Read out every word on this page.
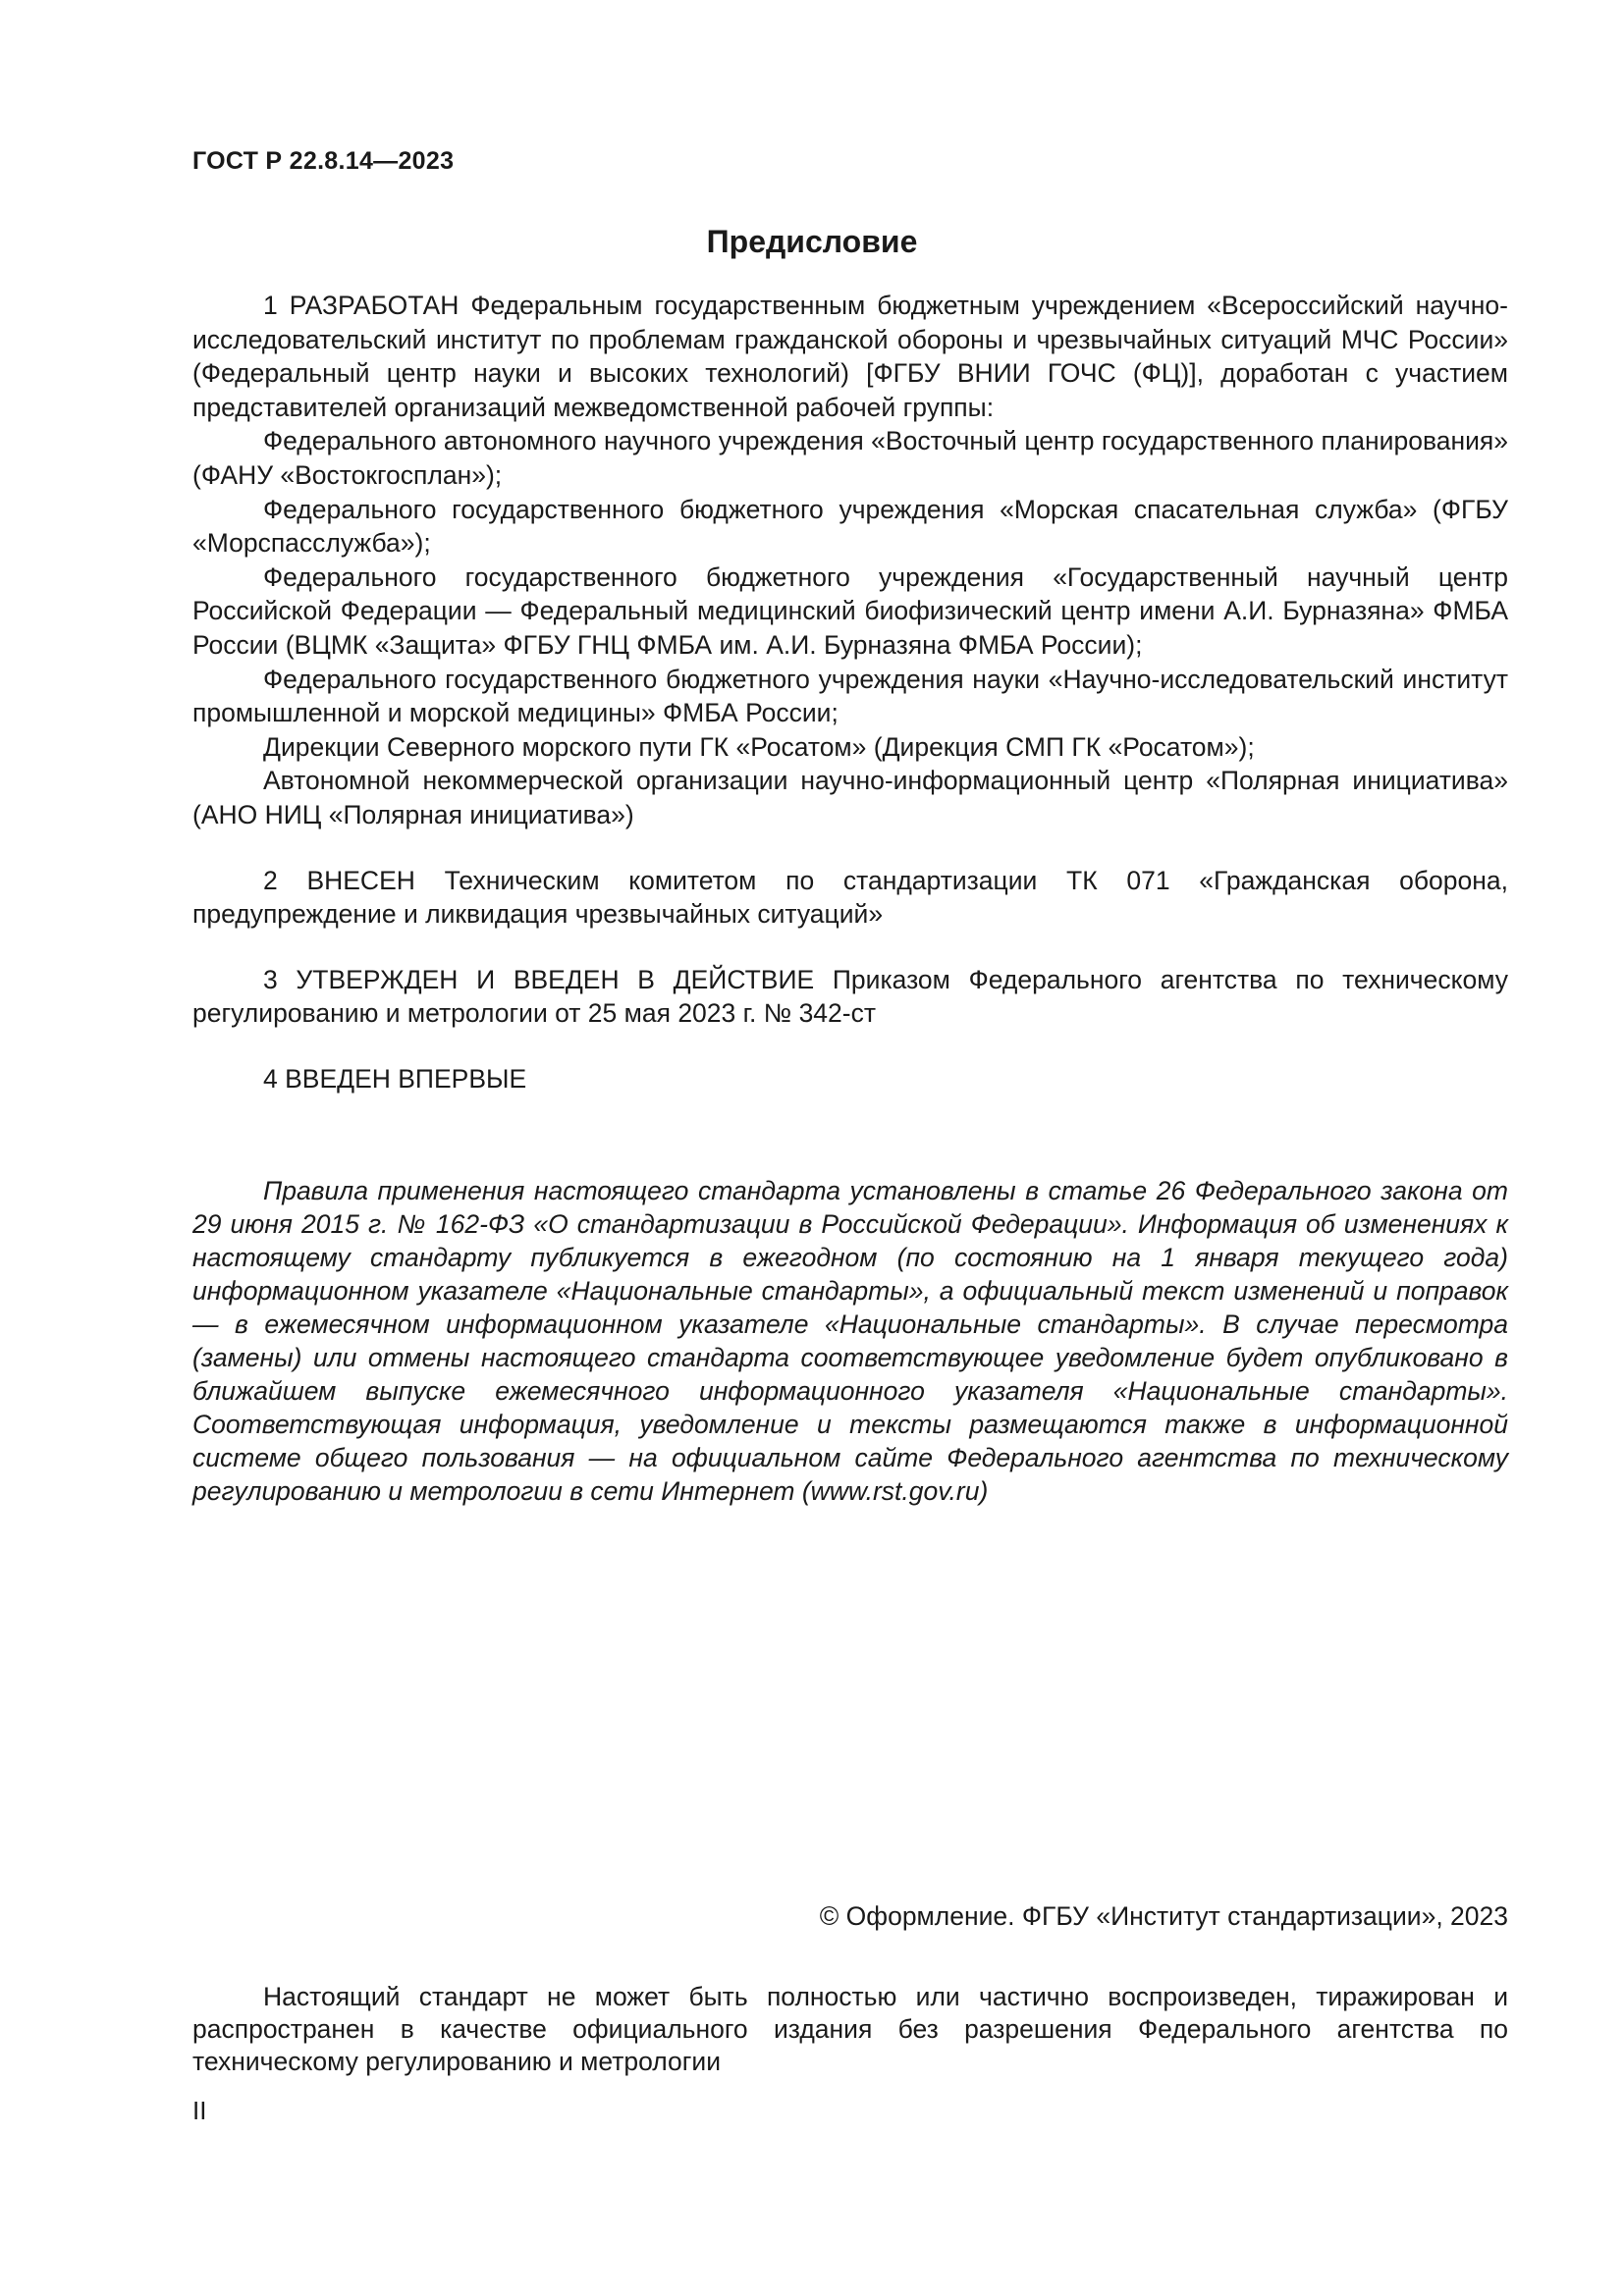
ГОСТ Р 22.8.14—2023
Предисловие

1 РАЗРАБОТАН Федеральным государственным бюджетным учреждением «Всероссийский научно-исследовательский институт по проблемам гражданской обороны и чрезвычайных ситуаций МЧС России» (Федеральный центр науки и высоких технологий) [ФГБУ ВНИИ ГОЧС (ФЦ)], доработан с участием представителей организаций межведомственной рабочей группы:

Федерального автономного научного учреждения «Восточный центр государственного планирования» (ФАНУ «Востокгосплан»);

Федерального государственного бюджетного учреждения «Морская спасательная служба» (ФГБУ «Морспасслужба»);

Федерального государственного бюджетного учреждения «Государственный научный центр Российской Федерации — Федеральный медицинский биофизический центр имени А.И. Бурназяна» ФМБА России (ВЦМК «Защита» ФГБУ ГНЦ ФМБА им. А.И. Бурназяна ФМБА России);

Федерального государственного бюджетного учреждения науки «Научно-исследовательский институт промышленной и морской медицины» ФМБА России;

Дирекции Северного морского пути ГК «Росатом» (Дирекция СМП ГК «Росатом»);

Автономной некоммерческой организации научно-информационный центр «Полярная инициатива» (АНО НИЦ «Полярная инициатива»)

2 ВНЕСЕН Техническим комитетом по стандартизации ТК 071 «Гражданская оборона, предупреждение и ликвидация чрезвычайных ситуаций»

3 УТВЕРЖДЕН И ВВЕДЕН В ДЕЙСТВИЕ Приказом Федерального агентства по техническому регулированию и метрологии от 25 мая 2023 г. № 342-ст

4 ВВЕДЕН ВПЕРВЫЕ

Правила применения настоящего стандарта установлены в статье 26 Федерального закона от 29 июня 2015 г. № 162-ФЗ «О стандартизации в Российской Федерации». Информация об изменениях к настоящему стандарту публикуется в ежегодном (по состоянию на 1 января текущего года) информационном указателе «Национальные стандарты», а официальный текст изменений и поправок — в ежемесячном информационном указателе «Национальные стандарты». В случае пересмотра (замены) или отмены настоящего стандарта соответствующее уведомление будет опубликовано в ближайшем выпуске ежемесячного информационного указателя «Национальные стандарты». Соответствующая информация, уведомление и тексты размещаются также в информационной системе общего пользования — на официальном сайте Федерального агентства по техническому регулированию и метрологии в сети Интернет (www.rst.gov.ru)

© Оформление. ФГБУ «Институт стандартизации», 2023

Настоящий стандарт не может быть полностью или частично воспроизведен, тиражирован и распространен в качестве официального издания без разрешения Федерального агентства по техническому регулированию и метрологии

II
